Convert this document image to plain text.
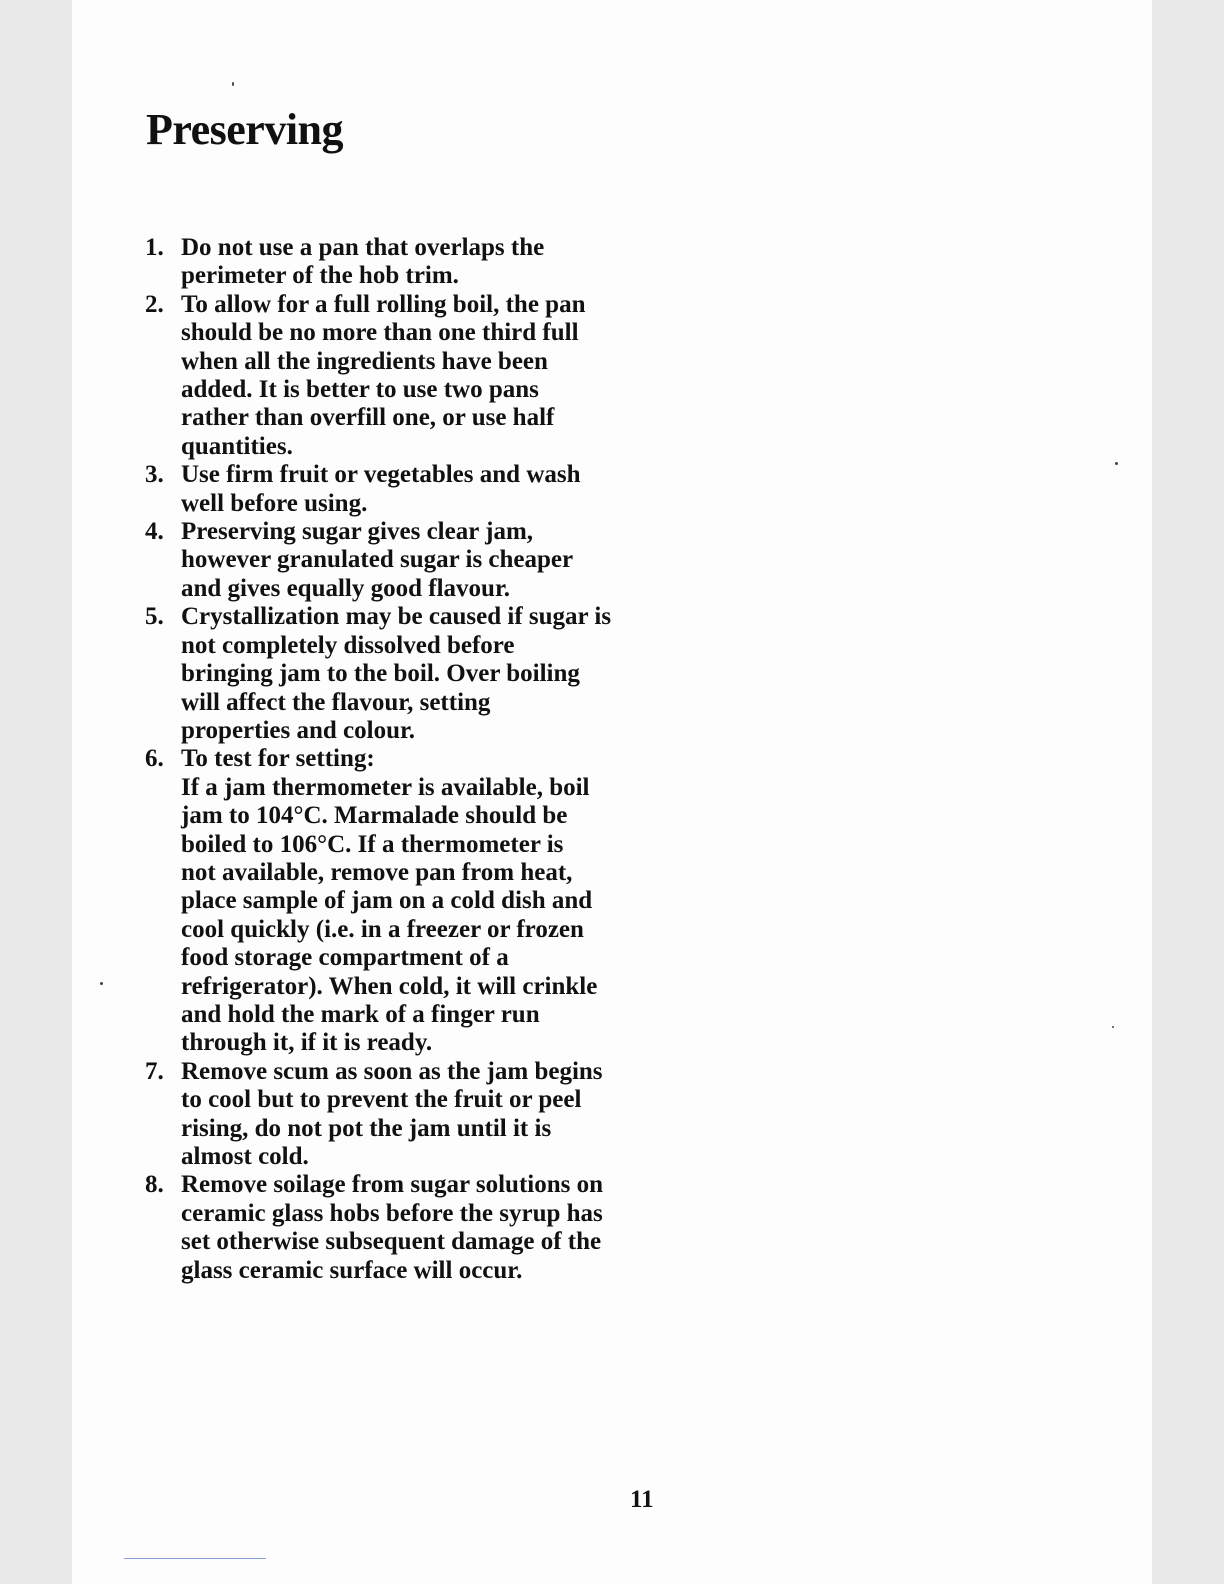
Preserving
1. Do not use a pan that overlaps the
perimeter of the hob trim.
2. To allow for a full rolling boil, the pan
should be no more than one third full
when all the ingredients have been
added. It is better to use two pans
rather than overfill one, or use half
quantities.
3. Use firm fruit or vegetables and wash
well before using.
4. Preserving sugar gives clear jam,
however granulated sugar is cheaper
and gives equally good flavour.
5. Crystallization may be caused if sugar is
not completely dissolved before
bringing jam to the boil. Over boiling
will affect the flavour, setting
properties and colour.
6. To test for setting:
If a jam thermometer is available, boil
jam to 104°C. Marmalade should be
boiled to 106°C. If a thermometer is
not available, remove pan from heat,
place sample of jam on a cold dish and
cool quickly (i.e. in a freezer or frozen
food storage compartment of a
refrigerator). When cold, it will crinkle
and hold the mark of a finger run
through it, if it is ready.
7. Remove scum as soon as the jam begins
to cool but to prevent the fruit or peel
rising, do not pot the jam until it is
almost cold.
8. Remove soilage from sugar solutions on
ceramic glass hobs before the syrup has
set otherwise subsequent damage of the
glass ceramic surface will occur.
11
